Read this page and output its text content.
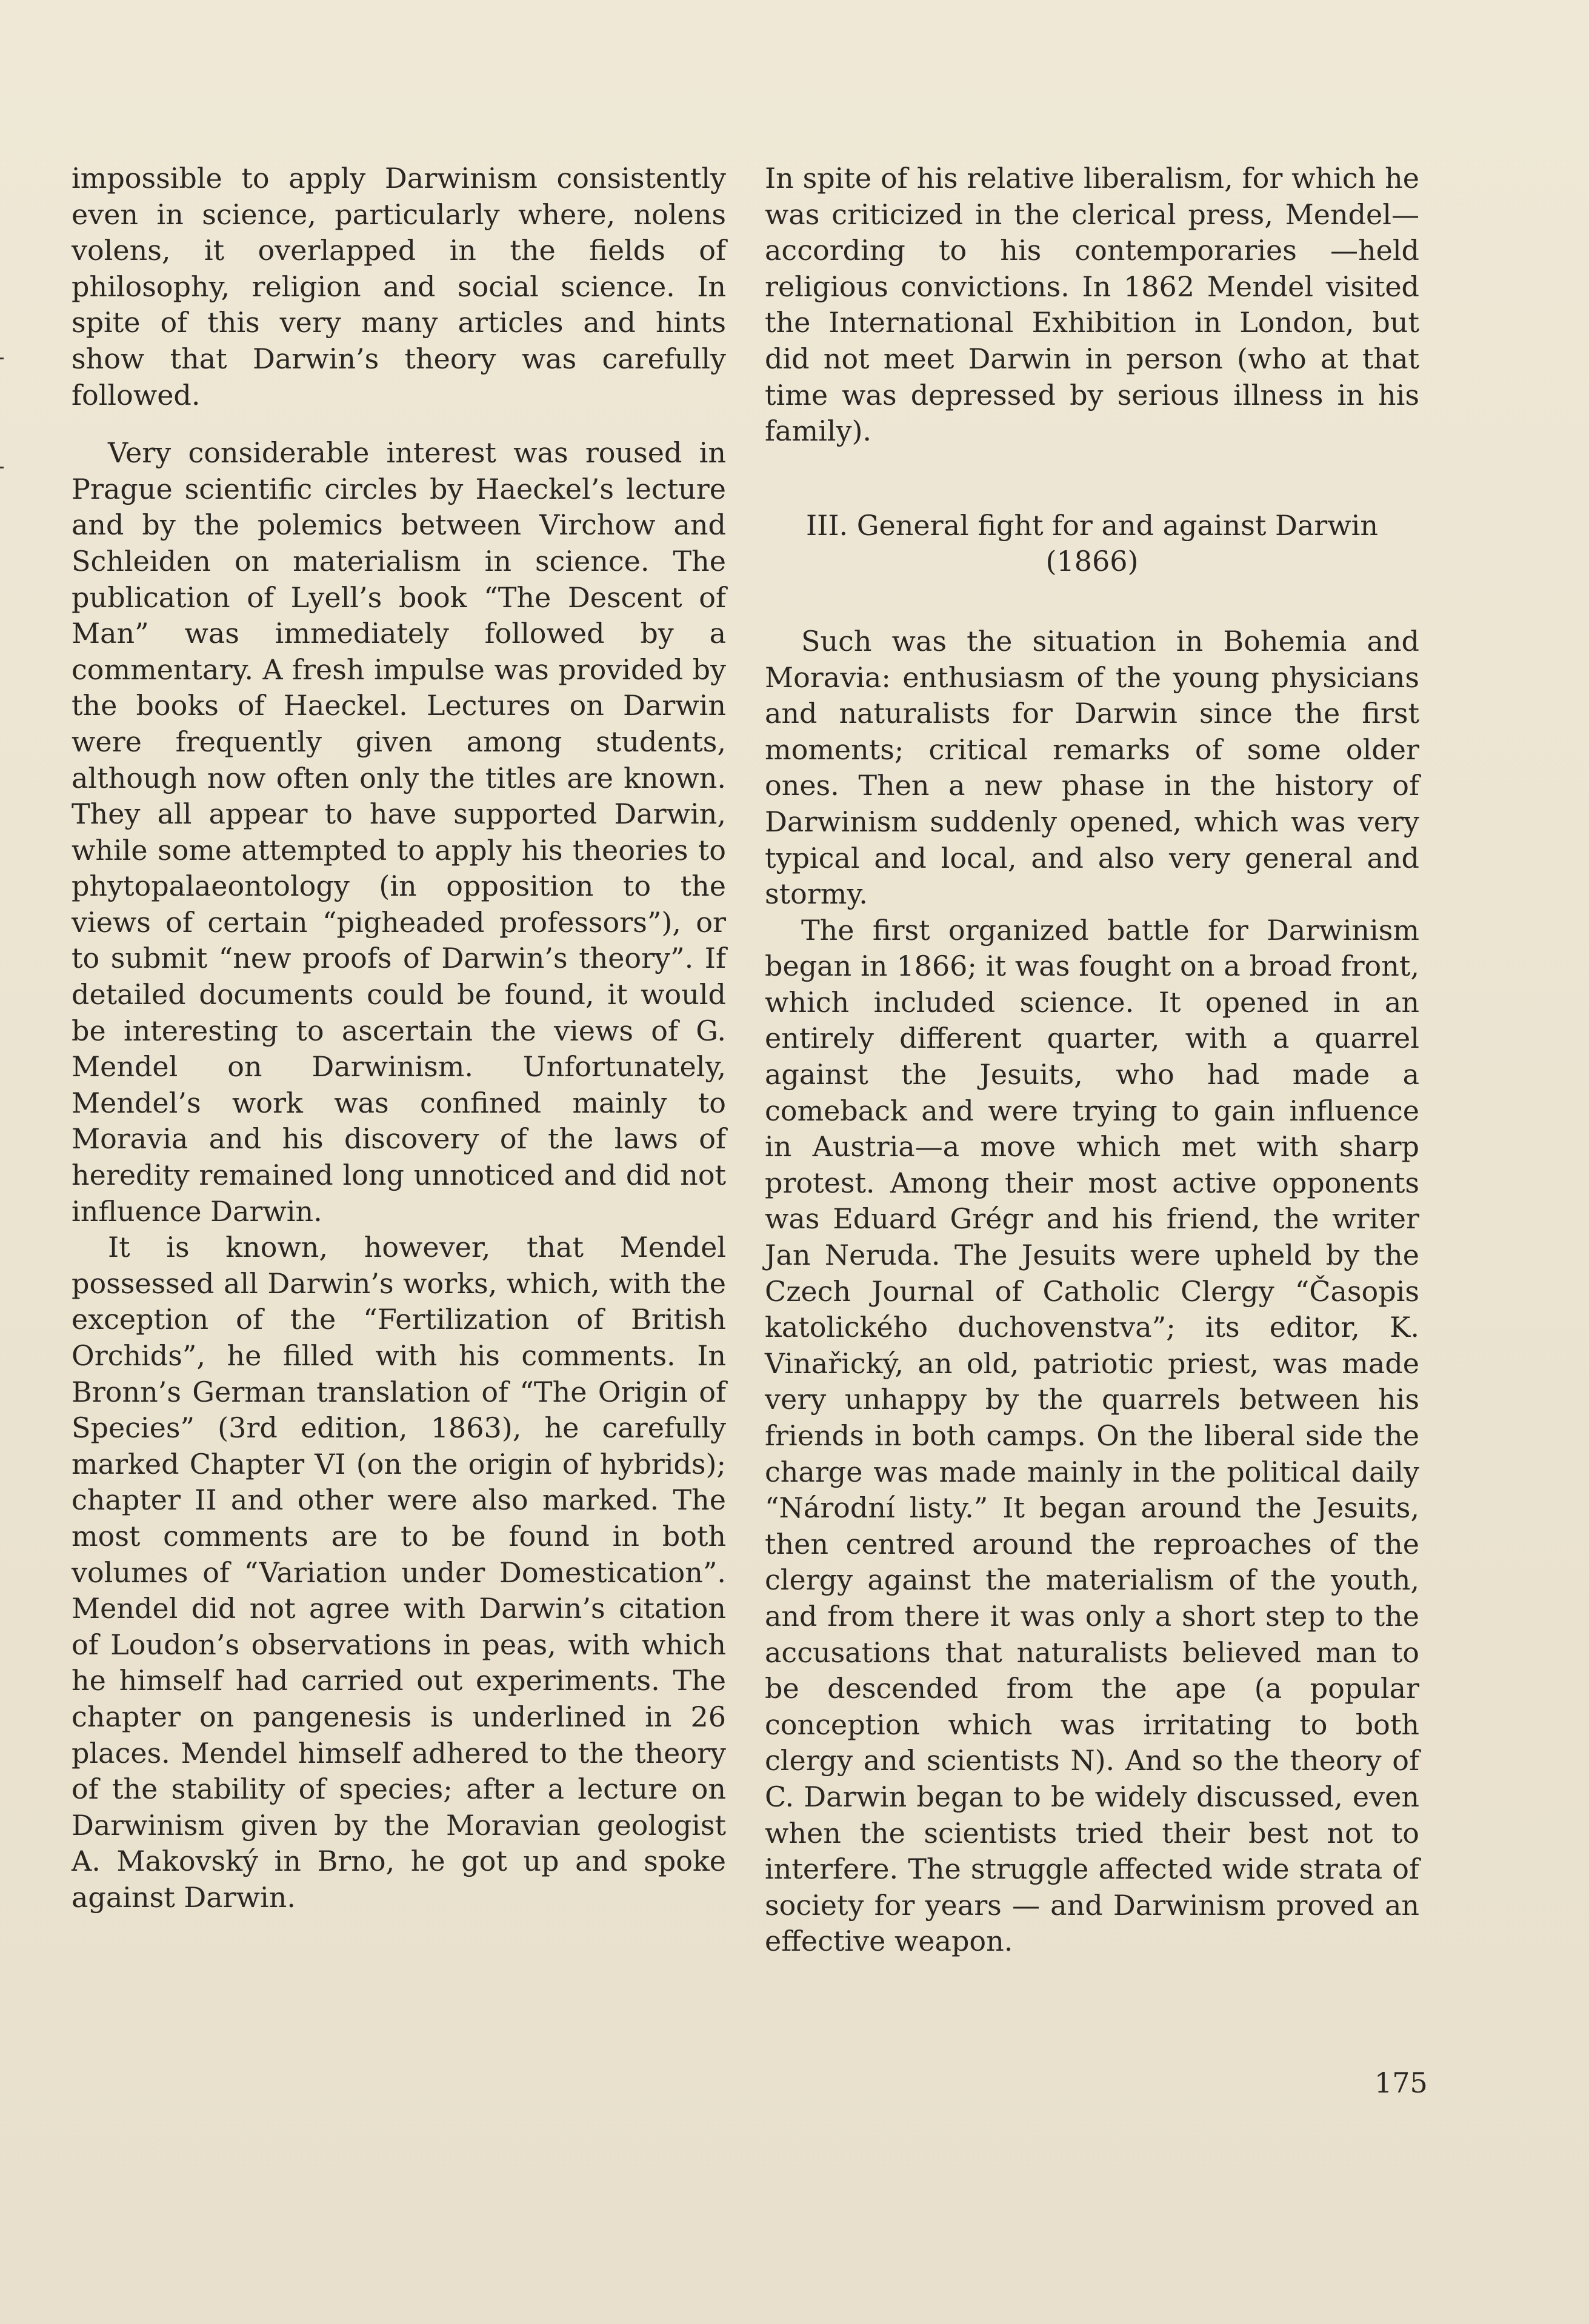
impossible to apply Darwinism consistently even in science, particularly where, nolens volens, it overlapped in the fields of philosophy, religion and social science. In spite of this very many articles and hints show that Darwin’s theory was carefully followed.

Very considerable interest was roused in Prague scientific circles by Haeckel’s lecture and by the polemics between Virchow and Schleiden on materialism in science. The publication of Lyell’s book “The Descent of Man” was immediately followed by a commentary. A fresh impulse was provided by the books of Haeckel. Lectures on Darwin were frequently given among students, although now often only the titles are known. They all appear to have supported Darwin, while some attempted to apply his theories to phytopalaeontology (in opposition to the views of certain “pigheaded professors”), or to submit “new proofs of Darwin’s theory”. If detailed documents could be found, it would be interesting to ascertain the views of G. Mendel on Darwinism. Unfortunately, Mendel’s work was confined mainly to Moravia and his discovery of the laws of heredity remained long unnoticed and did not influence Darwin.

It is known, however, that Mendel possessed all Darwin’s works, which, with the exception of the “Fertilization of British Orchids”, he filled with his comments. In Bronn’s German translation of “The Origin of Species” (3rd edition, 1863), he carefully marked Chapter VI (on the origin of hybrids); chapter II and other were also marked. The most comments are to be found in both volumes of “Variation under Domestication”. Mendel did not agree with Darwin’s citation of Loudon’s observations in peas, with which he himself had carried out experiments. The chapter on pangenesis is underlined in 26 places. Mendel himself adhered to the theory of the stability of species; after a lecture on Darwinism given by the Moravian geologist A. Makovský in Brno, he got up and spoke against Darwin.

In spite of his relative liberalism, for which he was criticized in the clerical press, Mendel—according to his contemporaries —held religious convictions. In 1862 Mendel visited the International Exhibition in London, but did not meet Darwin in person (who at that time was depressed by serious illness in his family).

III. General fight for and against Darwin
(1866)

Such was the situation in Bohemia and Moravia: enthusiasm of the young physicians and naturalists for Darwin since the first moments; critical remarks of some older ones. Then a new phase in the history of Darwinism suddenly opened, which was very typical and local, and also very general and stormy.

The first organized battle for Darwinism began in 1866; it was fought on a broad front, which included science. It opened in an entirely different quarter, with a quarrel against the Jesuits, who had made a comeback and were trying to gain influence in Austria—a move which met with sharp protest. Among their most active opponents was Eduard Grégr and his friend, the writer Jan Neruda. The Jesuits were upheld by the Czech Journal of Catholic Clergy “Časopis katolického duchovenstva”; its editor, K. Vinařický, an old, patriotic priest, was made very unhappy by the quarrels between his friends in both camps. On the liberal side the charge was made mainly in the political daily “Národní listy.” It began around the Jesuits, then centred around the reproaches of the clergy against the materialism of the youth, and from there it was only a short step to the accusations that naturalists believed man to be descended from the ape (a popular conception which was irritating to both clergy and scientists N). And so the theory of C. Darwin began to be widely discussed, even when the scientists tried their best not to interfere. The struggle affected wide strata of society for years — and Darwinism proved an effective weapon.

175
